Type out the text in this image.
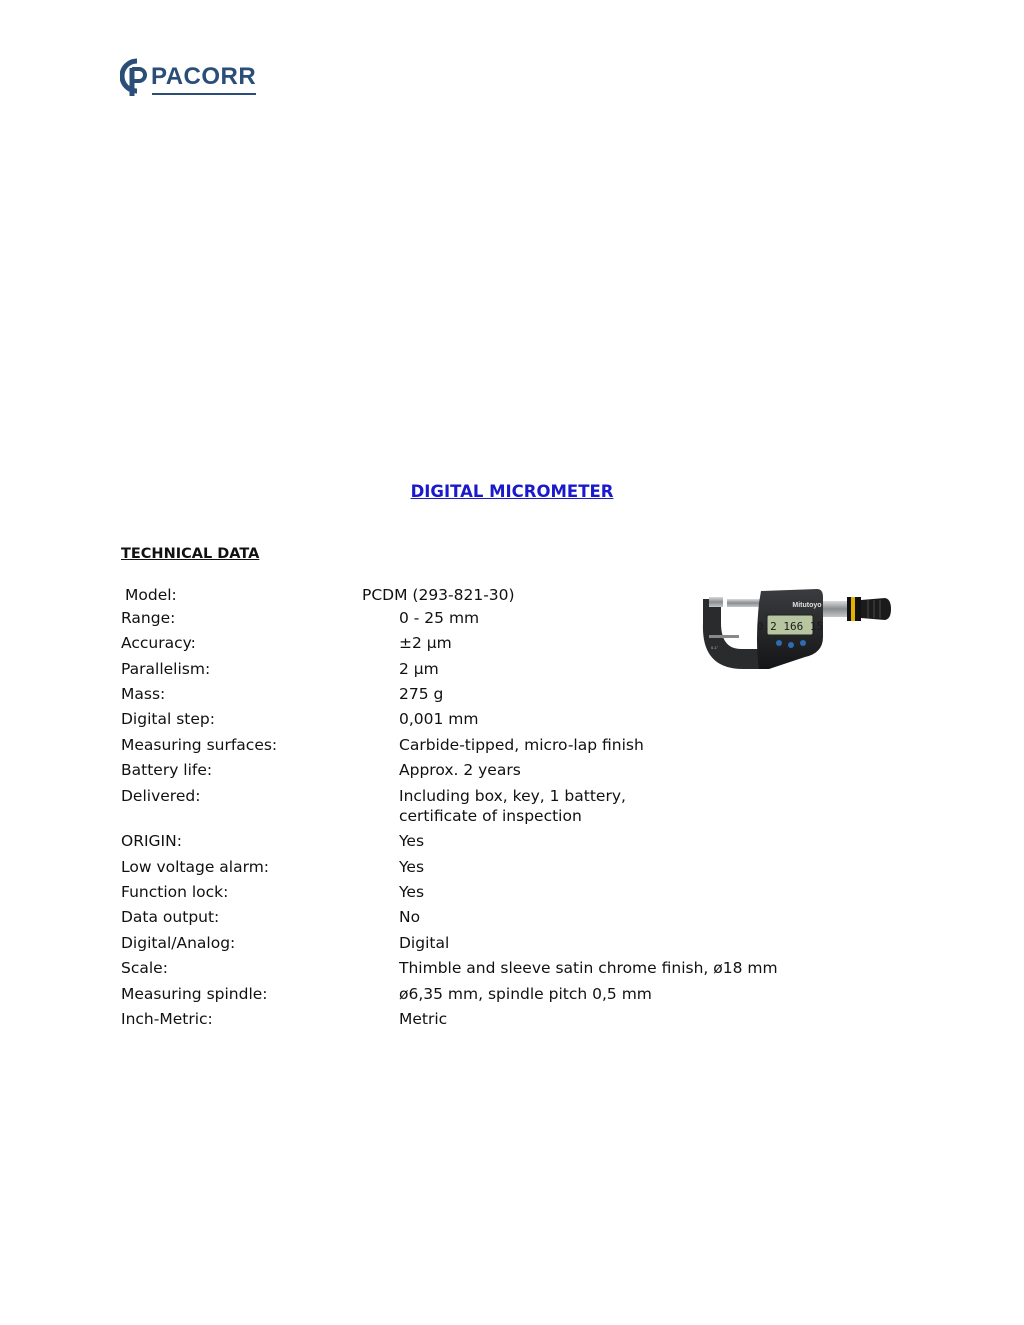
PACORR
DIGITAL MICROMETER
TECHNICAL DATA
Model:	PCDM (293-821-30)
Range:	0 - 25 mm
Accuracy:	±2 µm
Parallelism:	2 µm
Mass:	275 g
Digital step:	0,001 mm
Measuring surfaces:	Carbide-tipped, micro-lap finish
Battery life:	Approx. 2 years
Delivered:	Including box, key, 1 battery,
certificate of inspection
ORIGIN:	Yes
Low voltage alarm:	Yes
Function lock:	Yes
Data output:	No
Digital/Analog:	Digital
Scale:	Thimble and sleeve satin chrome finish, ø18 mm
Measuring spindle:	ø6,35 mm, spindle pitch 0,5 mm
Inch-Metric:	Metric
0.2 166 15
Mitutoyo
0-1"
